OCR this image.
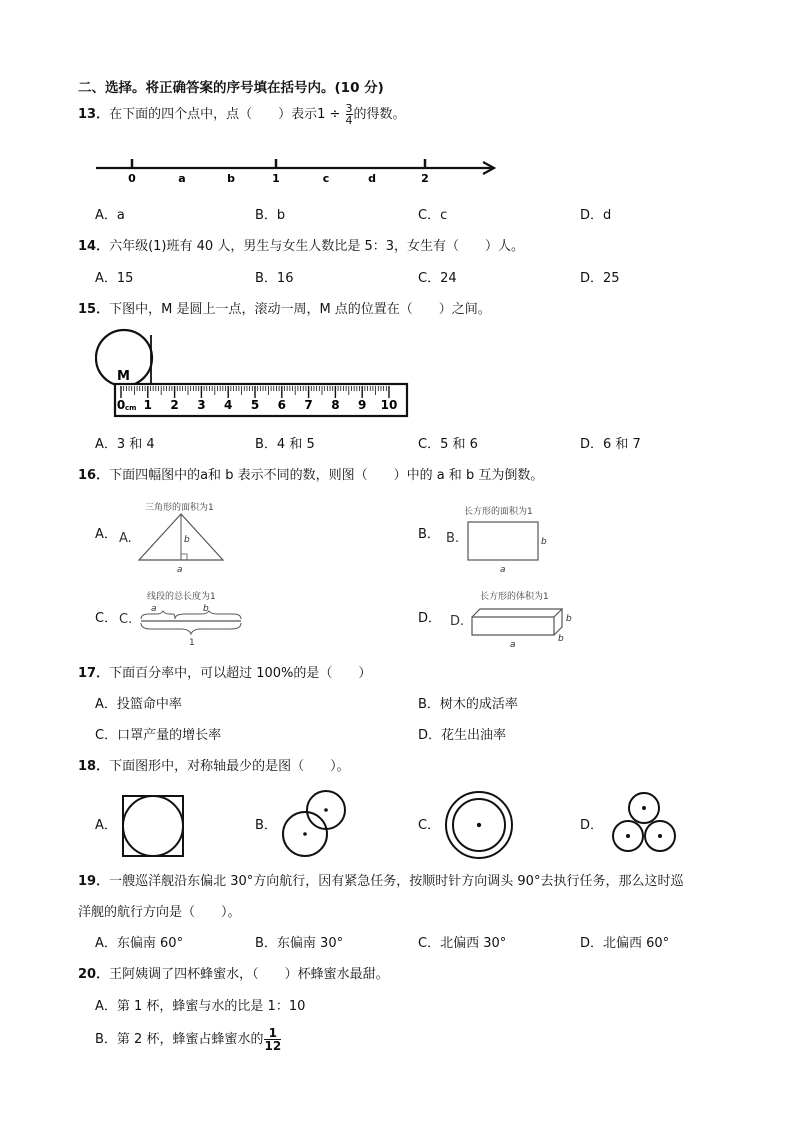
二、选择。将正确答案的序号填在括号内。(10 分)
13．在下面的四个点中，点（　　）表示$1 \div \frac{3}{4}$ 的得数。
0	a	b	1	c	d	2
A．a	B．b	C．c	D．d
14．六年级(1)班有 40 人，男生与女生人数比是 5：3，女生有（　　）人。
A．15	B．16	C．24	D．25
15．下图中，M 是圆上一点，滚动一周，M 点的位置在（　　）之间。
M
cm
0 1 2 3 4 5 6 7 8 9 10
A．3 和 4	B．4 和 5	C．5 和 6	D．6 和 7
16．下面四幅图中的a和 b 表示不同的数，则图（　　）中的 a 和 b 互为倒数。
A．
三角形的面积为1
A.	b
a
B．
长方形的面积为1
B.	b
a
C．
线段的总长度为1
C.
a	b
1
D．
长方形的体积为1
D.	b
b
a
17．下面百分率中，可以超过 100%的是（　　）
A．投篮命中率	B．树木的成活率
C．口罩产量的增长率	D．花生出油率
18．下面图形中，对称轴最少的是图（　　）。
A．	B．	C．	D．
19．一艘巡洋舰沿东偏北 30°方向航行，因有紧急任务，按顺时针方向调头 90°去执行任务，那么这时巡
洋舰的航行方向是（　　）。
A．东偏南 60°	B．东偏南 30°	C．北偏西 30°	D．北偏西 60°
20．王阿姨调了四杯蜂蜜水，（　　）杯蜂蜜水最甜。
A．第 1 杯，蜂蜜与水的比是 1：10
B．第 2 杯，蜂蜜占蜂蜜水的 $\frac{1}{12}$
